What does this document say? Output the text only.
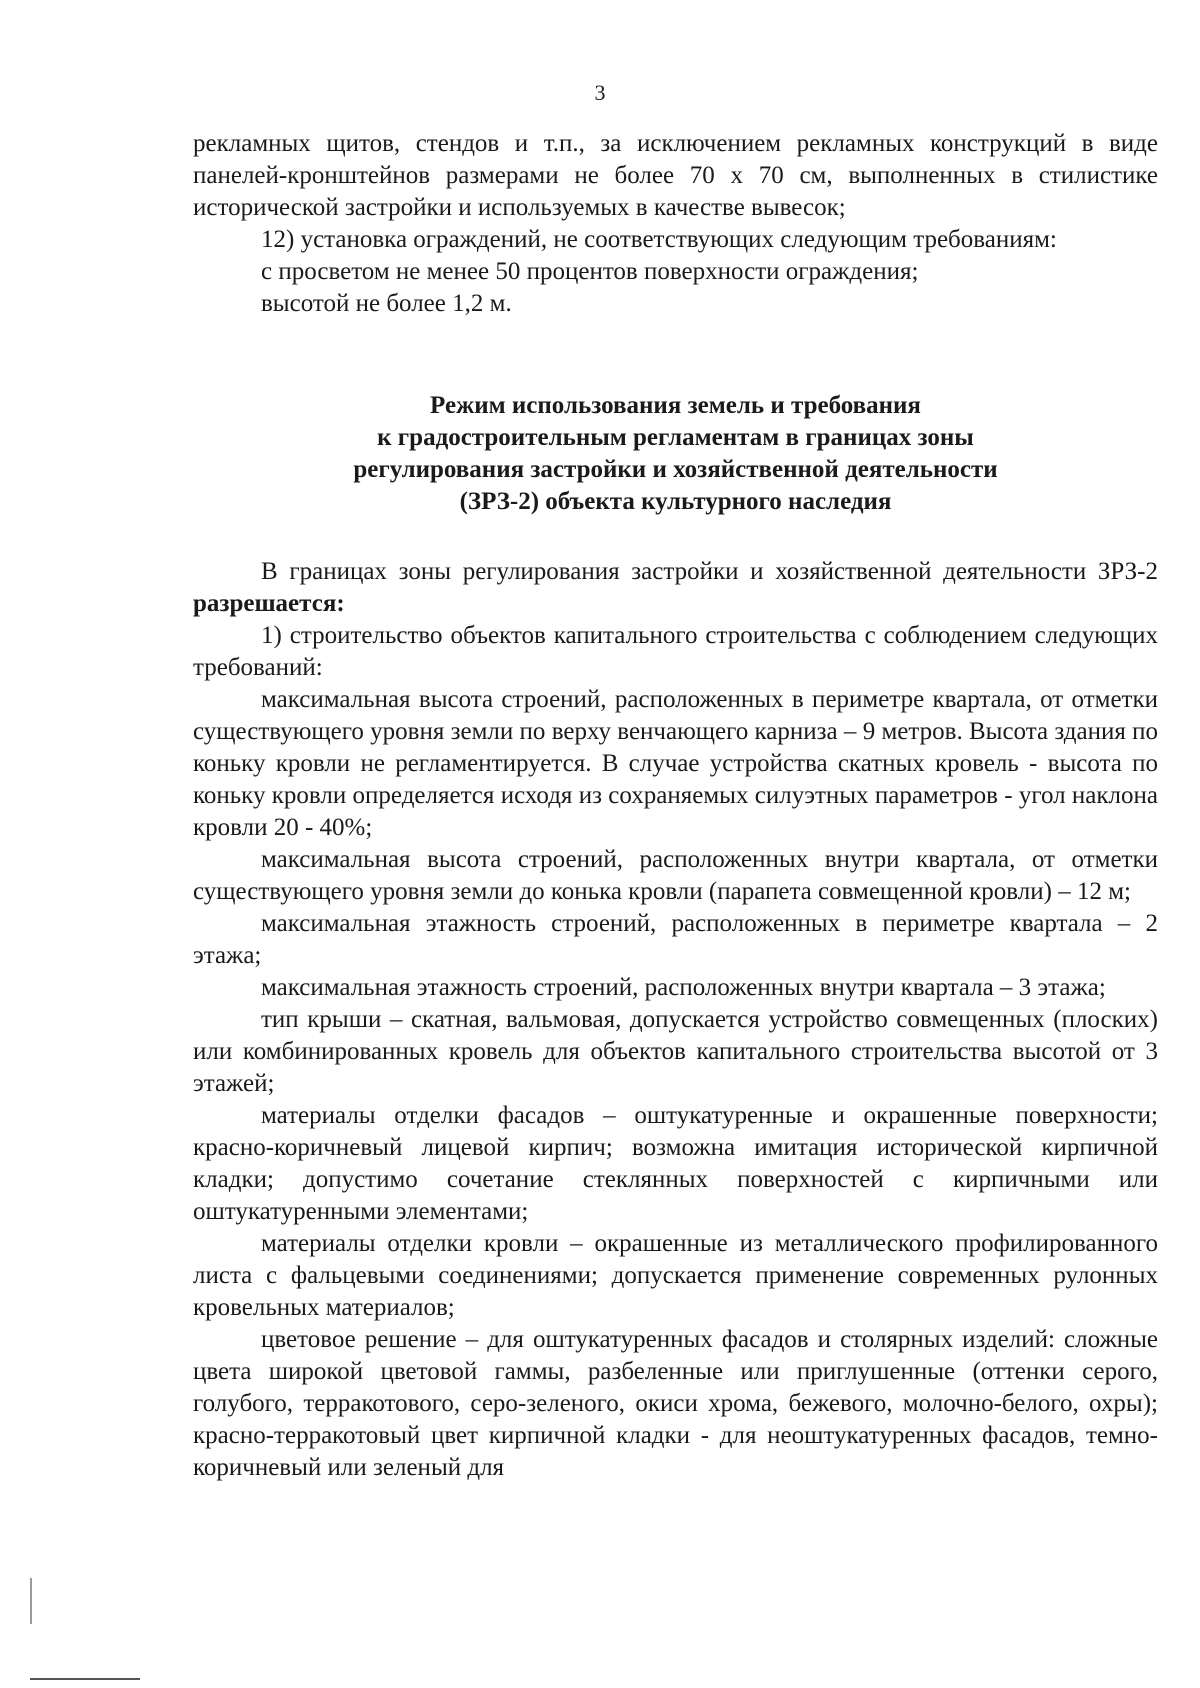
3

рекламных щитов, стендов и т.п., за исключением рекламных конструкций в виде панелей-кронштейнов размерами не более 70 х 70 см, выполненных в стилистике исторической застройки и используемых в качестве вывесок;

12) установка ограждений, не соответствующих следующим требованиям:

с просветом не менее 50 процентов поверхности ограждения;

высотой не более 1,2 м.

Режим использования земель и требования
к градостроительным регламентам в границах зоны
регулирования застройки и хозяйственной деятельности
(ЗРЗ-2) объекта культурного наследия

В границах зоны регулирования застройки и хозяйственной деятельности ЗРЗ-2 разрешается:

1) строительство объектов капитального строительства с соблюдением следующих требований:

максимальная высота строений, расположенных в периметре квартала, от отметки существующего уровня земли по верху венчающего карниза – 9 метров. Высота здания по коньку кровли не регламентируется. В случае устройства скатных кровель - высота по коньку кровли определяется исходя из сохраняемых силуэтных параметров - угол наклона кровли 20 - 40%;

максимальная высота строений, расположенных внутри квартала, от отметки существующего уровня земли до конька кровли (парапета совмещенной кровли) – 12 м;

максимальная этажность строений, расположенных в периметре квартала – 2 этажа;

максимальная этажность строений, расположенных внутри квартала – 3 этажа;

тип крыши – скатная, вальмовая, допускается устройство совмещенных (плоских) или комбинированных кровель для объектов капитального строительства высотой от 3 этажей;

материалы отделки фасадов – оштукатуренные и окрашенные поверхности; красно-коричневый лицевой кирпич; возможна имитация исторической кирпичной кладки; допустимо сочетание стеклянных поверхностей с кирпичными или оштукатуренными элементами;

материалы отделки кровли – окрашенные из металлического профилированного листа с фальцевыми соединениями; допускается применение современных рулонных кровельных материалов;

цветовое решение – для оштукатуренных фасадов и столярных изделий: сложные цвета широкой цветовой гаммы, разбеленные или приглушенные (оттенки серого, голубого, терракотового, серо-зеленого, окиси хрома, бежевого, молочно-белого, охры); красно-терракотовый цвет кирпичной кладки - для неоштукатуренных фасадов, темно-коричневый или зеленый для
